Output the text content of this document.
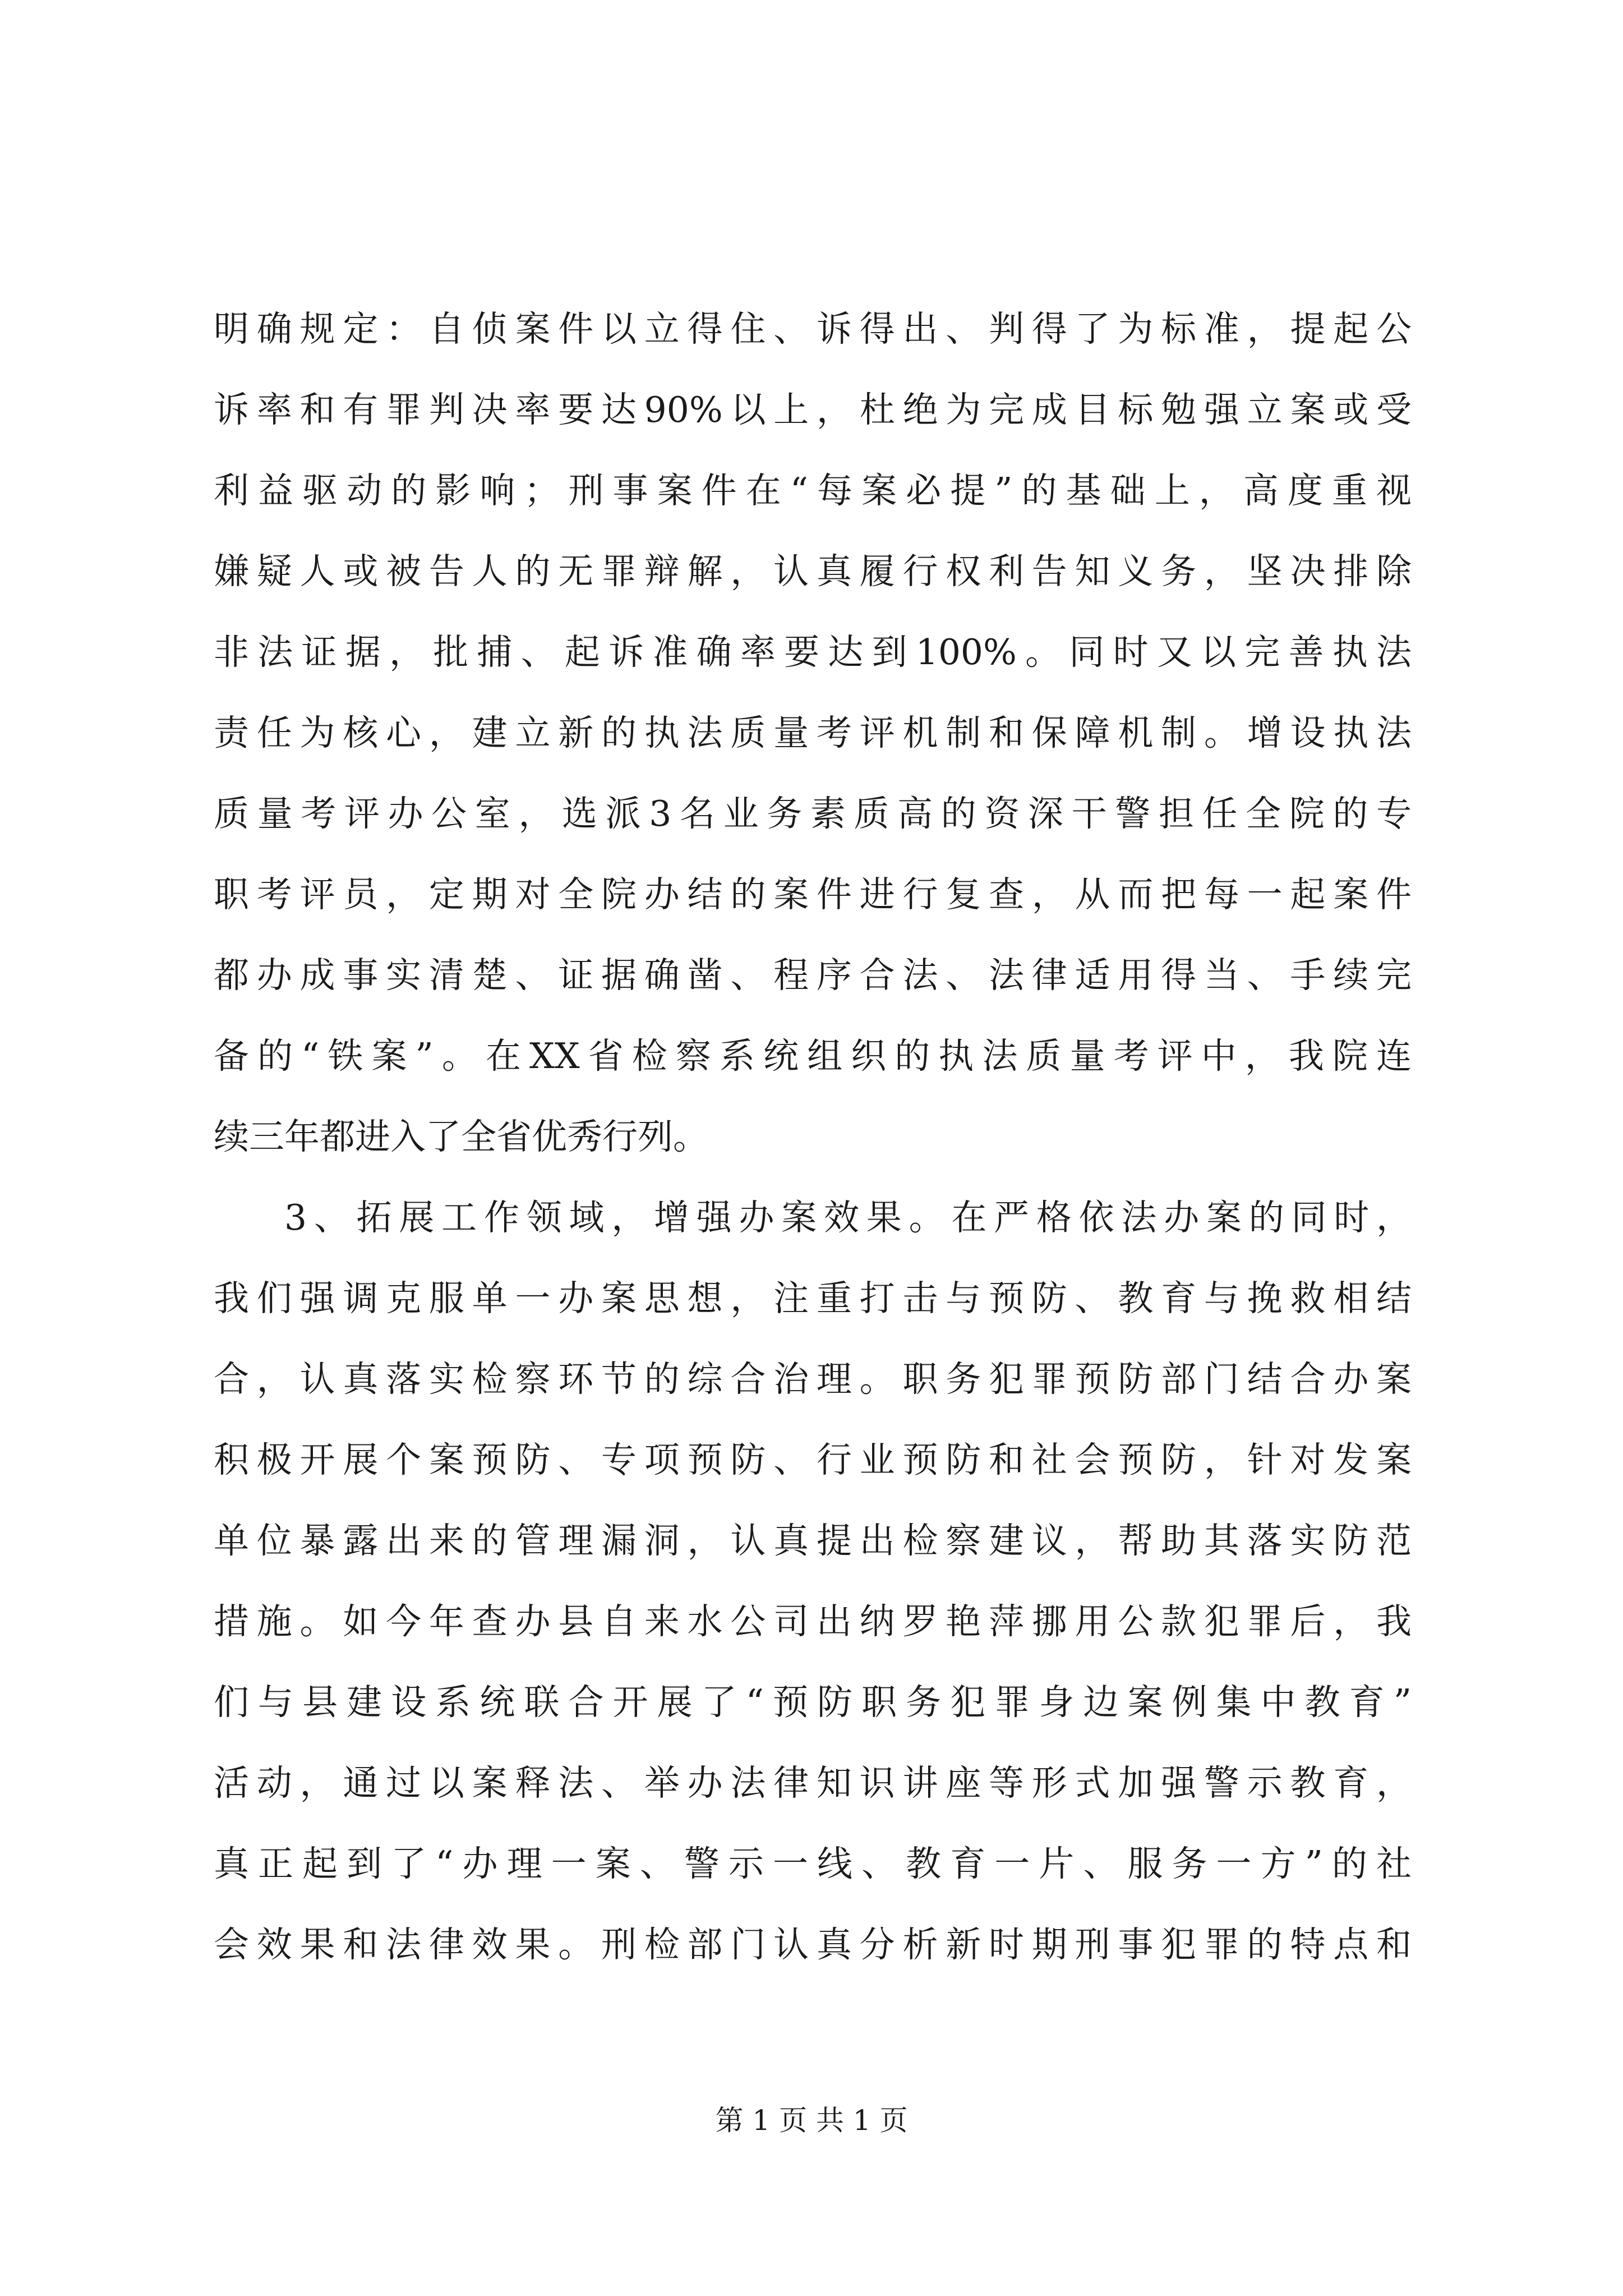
明确规定：自侦案件以立得住、诉得出、判得了为标准，提起公
诉率和有罪判决率要达90%以上，杜绝为完成目标勉强立案或受
利益驱动的影响；刑事案件在“每案必提”的基础上，高度重视
嫌疑人或被告人的无罪辩解，认真履行权利告知义务，坚决排除
非法证据，批捕、起诉准确率要达到100%。同时又以完善执法
责任为核心，建立新的执法质量考评机制和保障机制。增设执法
质量考评办公室，选派3名业务素质高的资深干警担任全院的专
职考评员，定期对全院办结的案件进行复查，从而把每一起案件
都办成事实清楚、证据确凿、程序合法、法律适用得当、手续完
备的“铁案”。在XX省检察系统组织的执法质量考评中，我院连
续三年都进入了全省优秀行列。
3、拓展工作领域，增强办案效果。在严格依法办案的同时，
我们强调克服单一办案思想，注重打击与预防、教育与挽救相结
合，认真落实检察环节的综合治理。职务犯罪预防部门结合办案
积极开展个案预防、专项预防、行业预防和社会预防，针对发案
单位暴露出来的管理漏洞，认真提出检察建议，帮助其落实防范
措施。如今年查办县自来水公司出纳罗艳萍挪用公款犯罪后，我
们与县建设系统联合开展了“预防职务犯罪身边案例集中教育”
活动，通过以案释法、举办法律知识讲座等形式加强警示教育，
真正起到了“办理一案、警示一线、教育一片、服务一方”的社
会效果和法律效果。刑检部门认真分析新时期刑事犯罪的特点和
第 1 页 共 1 页
